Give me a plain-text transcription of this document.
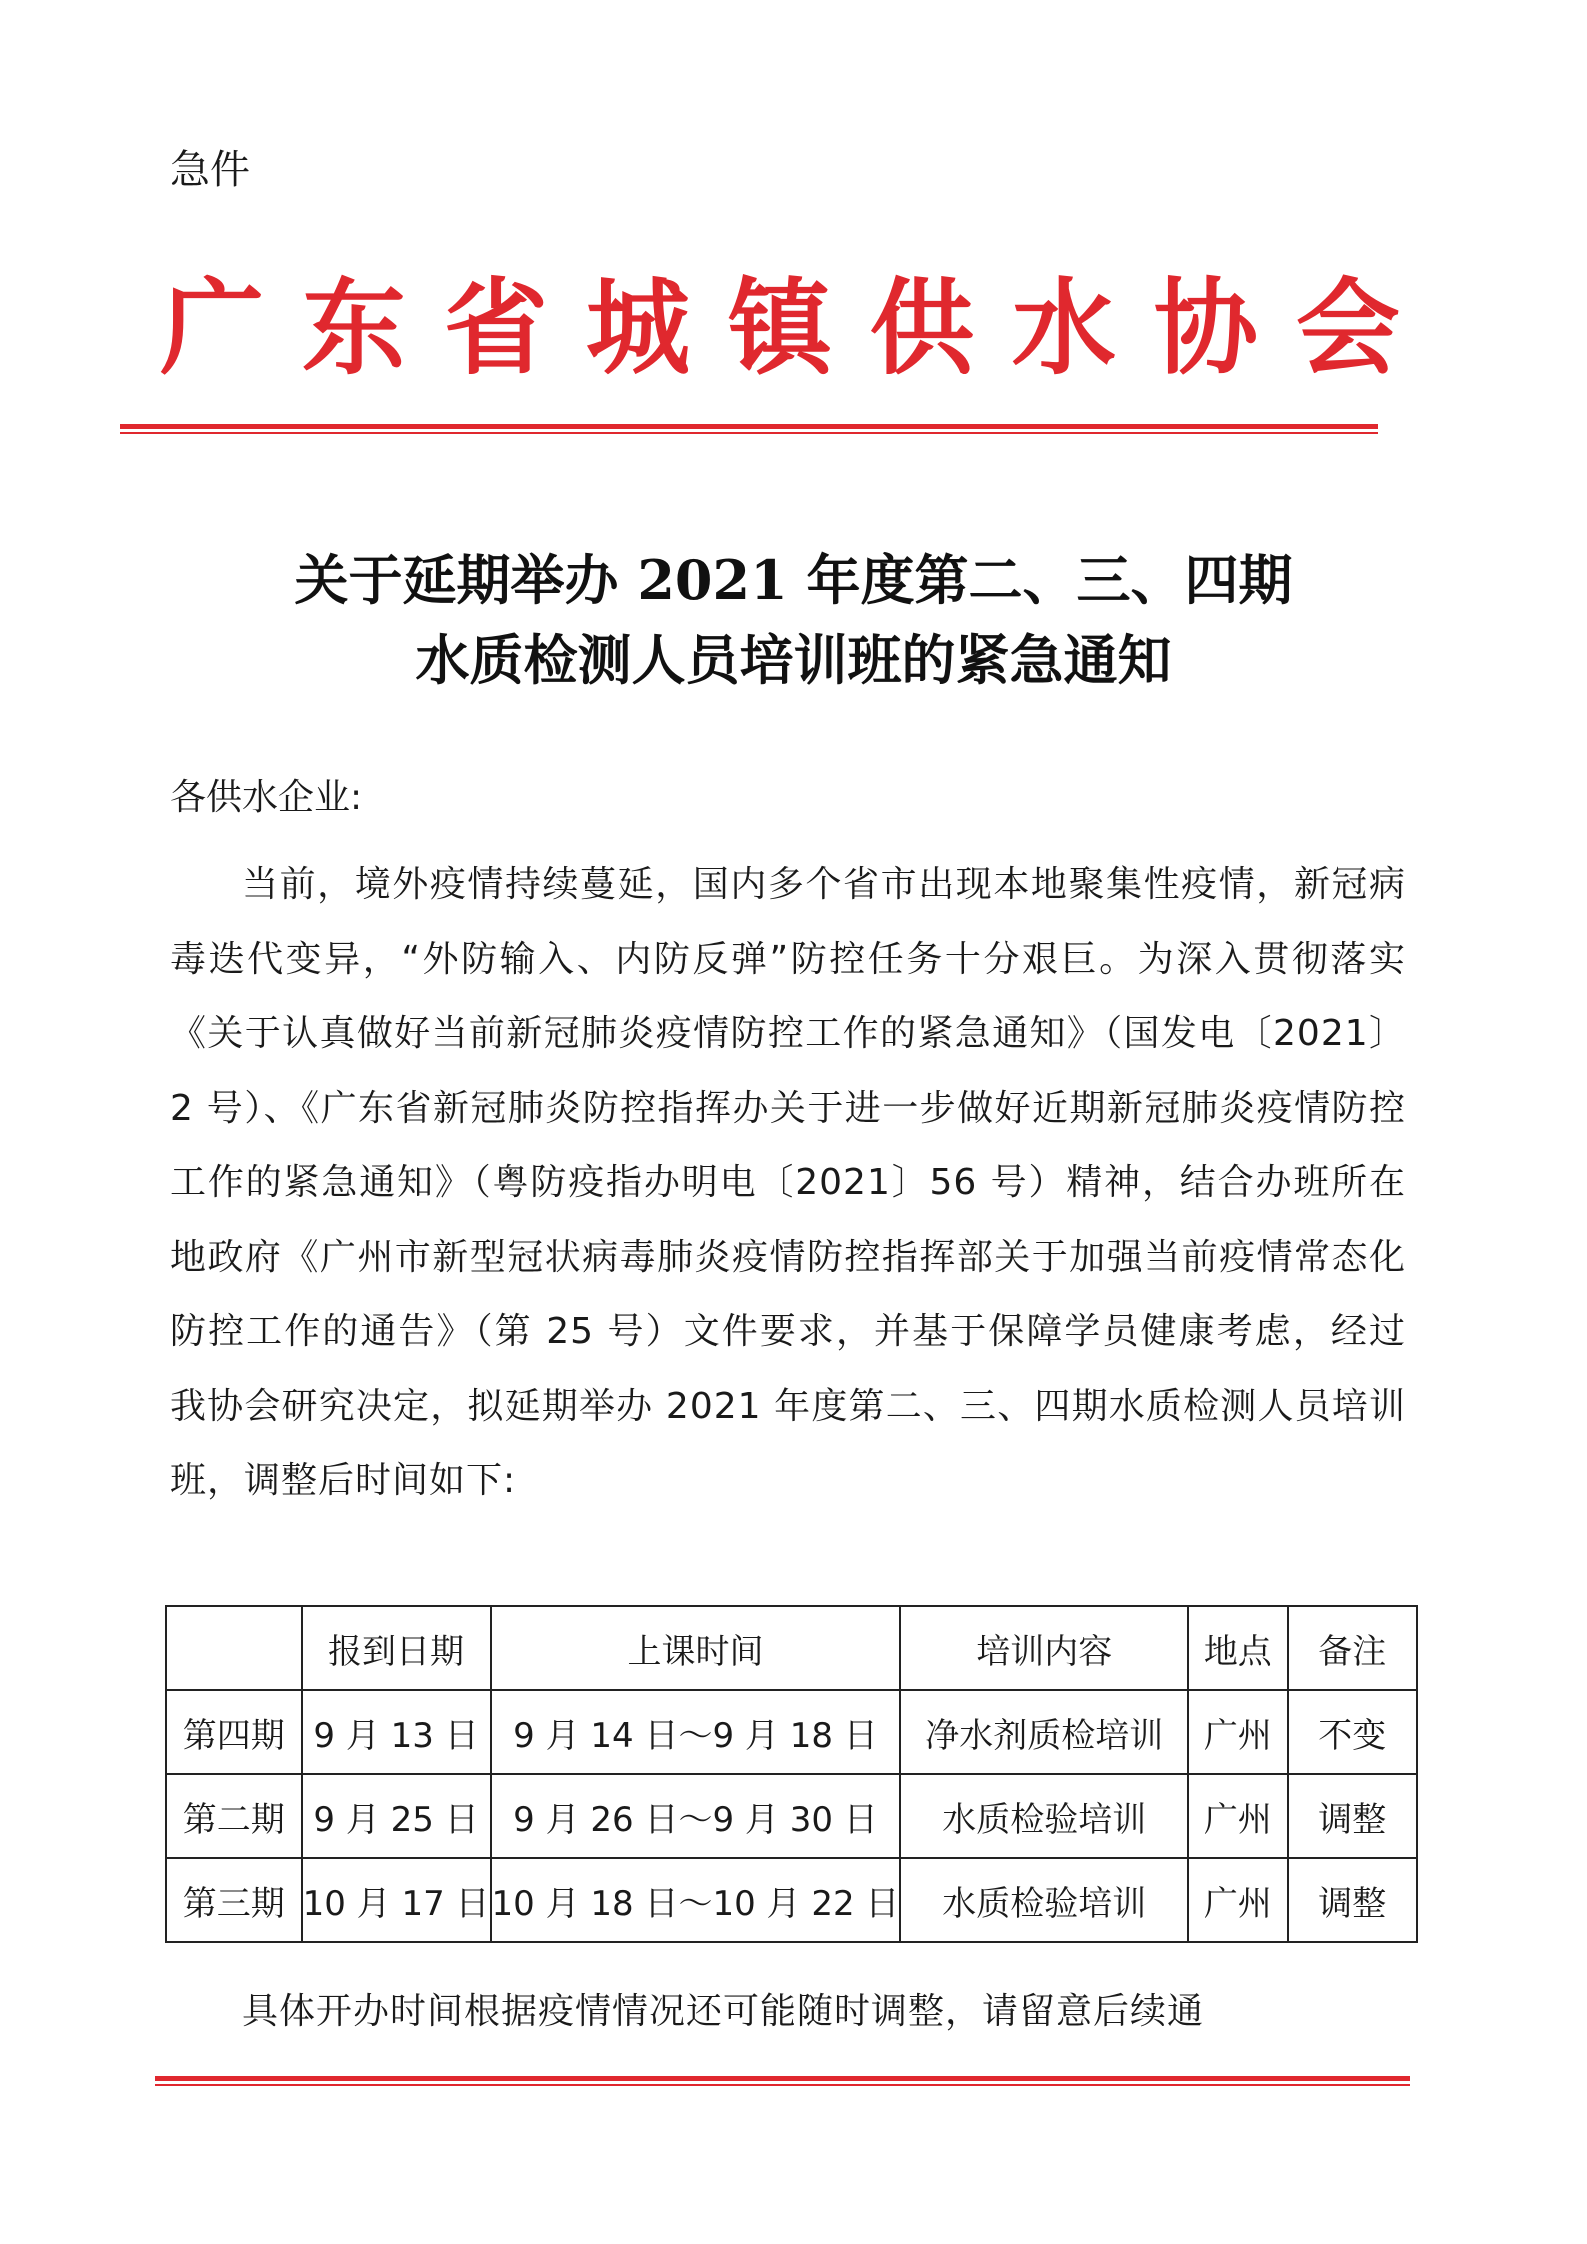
急件
广 东 省 城 镇 供 水 协 会
关于延期举办 2021 年度第二、三、四期
水质检测人员培训班的紧急通知
各供水企业:
当前，境外疫情持续蔓延，国内多个省市出现本地聚集性疫情，新冠病毒迭代变异，“外防输入、内防反弹”防控任务十分艰巨。为深入贯彻落实《关于认真做好当前新冠肺炎疫情防控工作的紧急通知》（国发电〔2021〕2 号）、《广东省新冠肺炎防控指挥办关于进一步做好近期新冠肺炎疫情防控工作的紧急通知》（粤防疫指办明电〔2021〕56 号）精神，结合办班所在地政府《广州市新型冠状病毒肺炎疫情防控指挥部关于加强当前疫情常态化防控工作的通告》（第 25 号）文件要求，并基于保障学员健康考虑，经过我协会研究决定，拟延期举办 2021 年度第二、三、四期水质检测人员培训班，调整后时间如下:
	报到日期	上课时间	培训内容	地点	备注
第四期	9 月 13 日	9 月 14 日～9 月 18 日	净水剂质检培训	广州	不变
第二期	9 月 25 日	9 月 26 日～9 月 30 日	水质检验培训	广州	调整
第三期	10 月 17 日	10 月 18 日～10 月 22 日	水质检验培训	广州	调整
具体开办时间根据疫情情况还可能随时调整，请留意后续通
